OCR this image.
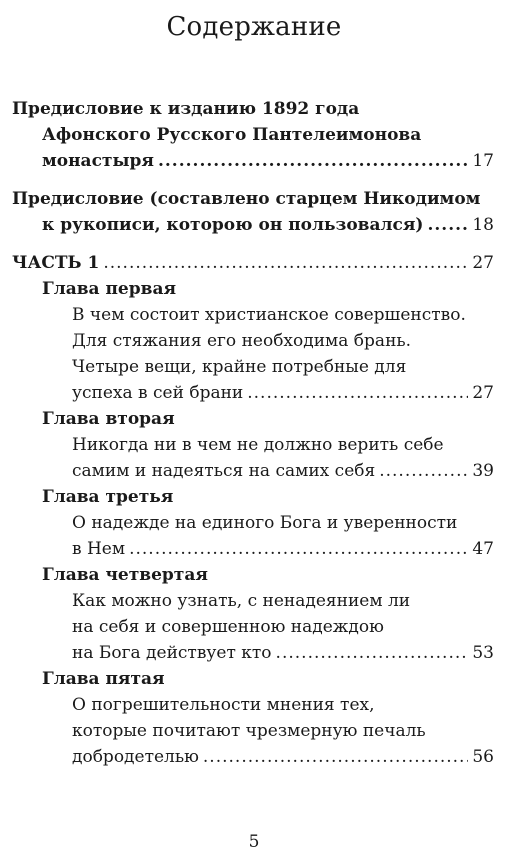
Содержание
Предисловие к изданию 1892 года
Афонского Русского Пантелеимонова
монастыря .....	17
Предисловие (составлено старцем Никодимом
к рукописи, которою он пользовался) .....	18
ЧАСТЬ 1 .....	27
Глава первая
В чем состоит христианское совершенство.
Для стяжания его необходима брань.
Четыре вещи, крайне потребные для
успеха в сей брани .....	27
Глава вторая
Никогда ни в чем не должно верить себе
самим и надеяться на самих себя .....	39
Глава третья
О надежде на единого Бога и уверенности
в Нем .....	47
Глава четвертая
Как можно узнать, с ненадеянием ли
на себя и совершенною надеждою
на Бога действует кто .....	53
Глава пятая
О погрешительности мнения тех,
которые почитают чрезмерную печаль
добродетелью .....	56
5
